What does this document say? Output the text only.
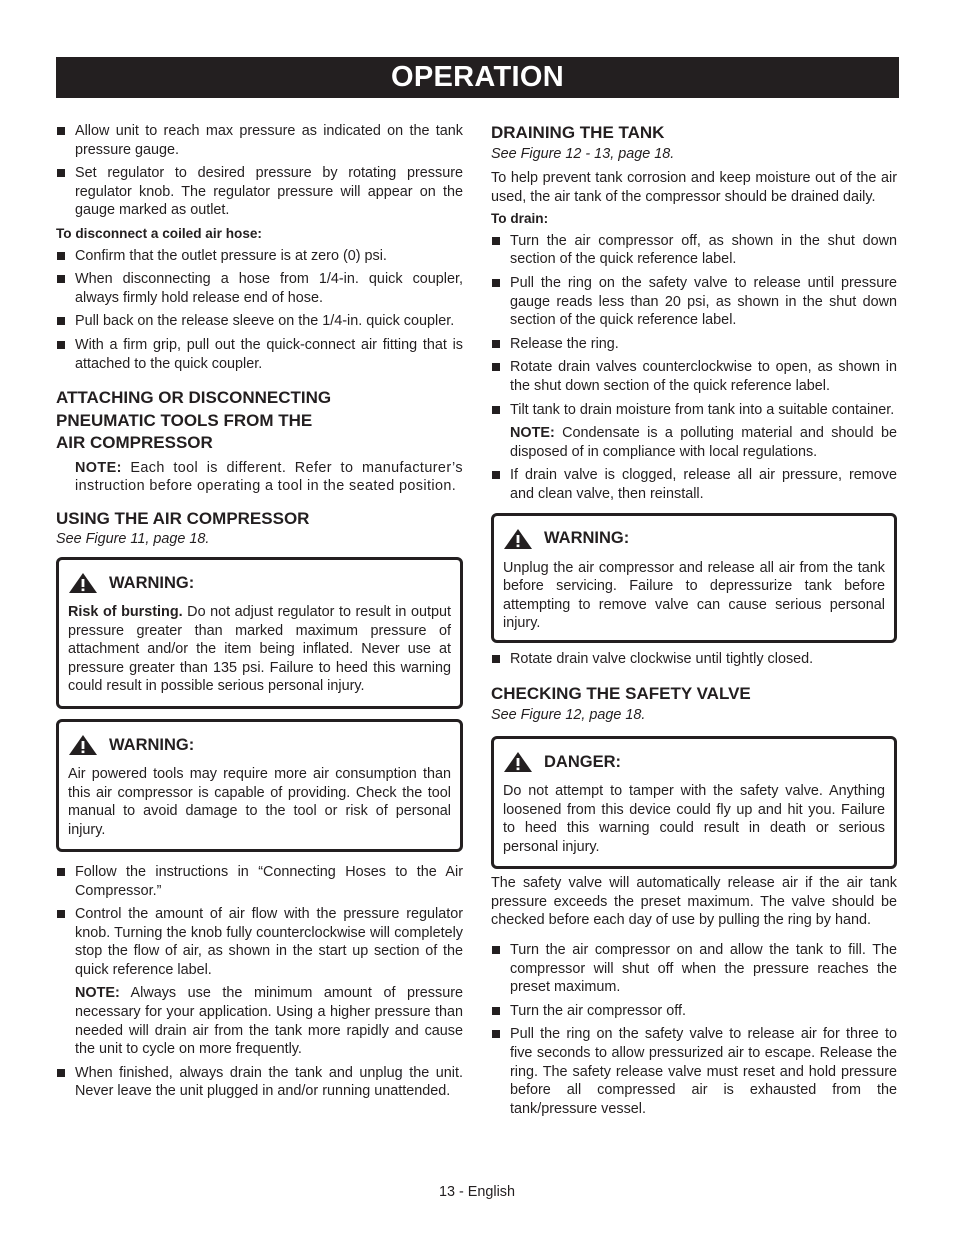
OPERATION
Allow unit to reach max pressure as indicated on the tank pressure gauge.
Set regulator to desired pressure by rotating pressure regulator knob. The regulator pressure will appear on the gauge marked as outlet.
To disconnect a coiled air hose:
Confirm that the outlet pressure is at zero (0) psi.
When disconnecting a hose from 1/4-in. quick coupler, always firmly hold release end of hose.
Pull back on the release sleeve on the 1/4-in. quick coupler.
With a firm grip, pull out the quick-connect air fitting that is attached to the quick coupler.
ATTACHING OR DISCONNECTING
PNEUMATIC TOOLS FROM THE
AIR COMPRESSOR
NOTE: Each tool is different. Refer to manufacturer’s instruction before operating a tool in the seated position.
USING THE AIR COMPRESSOR

See Figure 11, page 18.

WARNING:

Risk of bursting. Do not adjust regulator to result in output pressure greater than marked maximum pressure of attachment and/or the item being inflated. Never use at pressure greater than 135 psi. Failure to heed this warning could result in possible serious personal injury.

WARNING:

Air powered tools may require more air consumption than this air compressor is capable of providing. Check the tool manual to avoid damage to the tool or risk of personal injury.

Follow the instructions in “Connecting Hoses to the Air Compressor.”
Control the amount of air flow with the pressure regulator knob. Turning the knob fully counterclockwise will completely stop the flow of air, as shown in the start up section of the quick reference label.
NOTE: Always use the minimum amount of pressure necessary for your application. Using a higher pressure than needed will drain air from the tank more rapidly and cause the unit to cycle on more frequently.
When finished, always drain the tank and unplug the unit. Never leave the unit plugged in and/or running unattended.
DRAINING THE TANK

See Figure 12 - 13, page 18.

To help prevent tank corrosion and keep moisture out of the air used, the air tank of the compressor should be drained daily.

To drain:
Turn the air compressor off, as shown in the shut down section of the quick reference label.
Pull the ring on the safety valve to release until pressure gauge reads less than 20 psi, as shown in the shut down section of the quick reference label.
Release the ring.
Rotate drain valves counterclockwise to open, as shown in the shut down section of the quick reference label.
Tilt tank to drain moisture from tank into a suitable container.
NOTE: Condensate is a polluting material and should be disposed of in compliance with local regulations.
If drain valve is clogged, release all air pressure, remove and clean valve, then reinstall.
WARNING:

Unplug the air compressor and release all air from the tank before servicing. Failure to depressurize tank before attempting to remove valve can cause serious personal injury.

Rotate drain valve clockwise until tightly closed.
CHECKING THE SAFETY VALVE

See Figure 12, page 18.

DANGER:

Do not attempt to tamper with the safety valve. Anything loosened from this device could fly up and hit you. Failure to heed this warning could result in death or serious personal injury.

The safety valve will automatically release air if the air tank pressure exceeds the preset maximum. The valve should be checked before each day of use by pulling the ring by hand.

Turn the air compressor on and allow the tank to fill. The compressor will shut off when the pressure reaches the preset maximum.
Turn the air compressor off.
Pull the ring on the safety valve to release air for three to five seconds to allow pressurized air to escape. Release the ring. The safety release valve must reset and hold pressure before all compressed air is exhausted from the tank/pressure vessel.
13 - English
